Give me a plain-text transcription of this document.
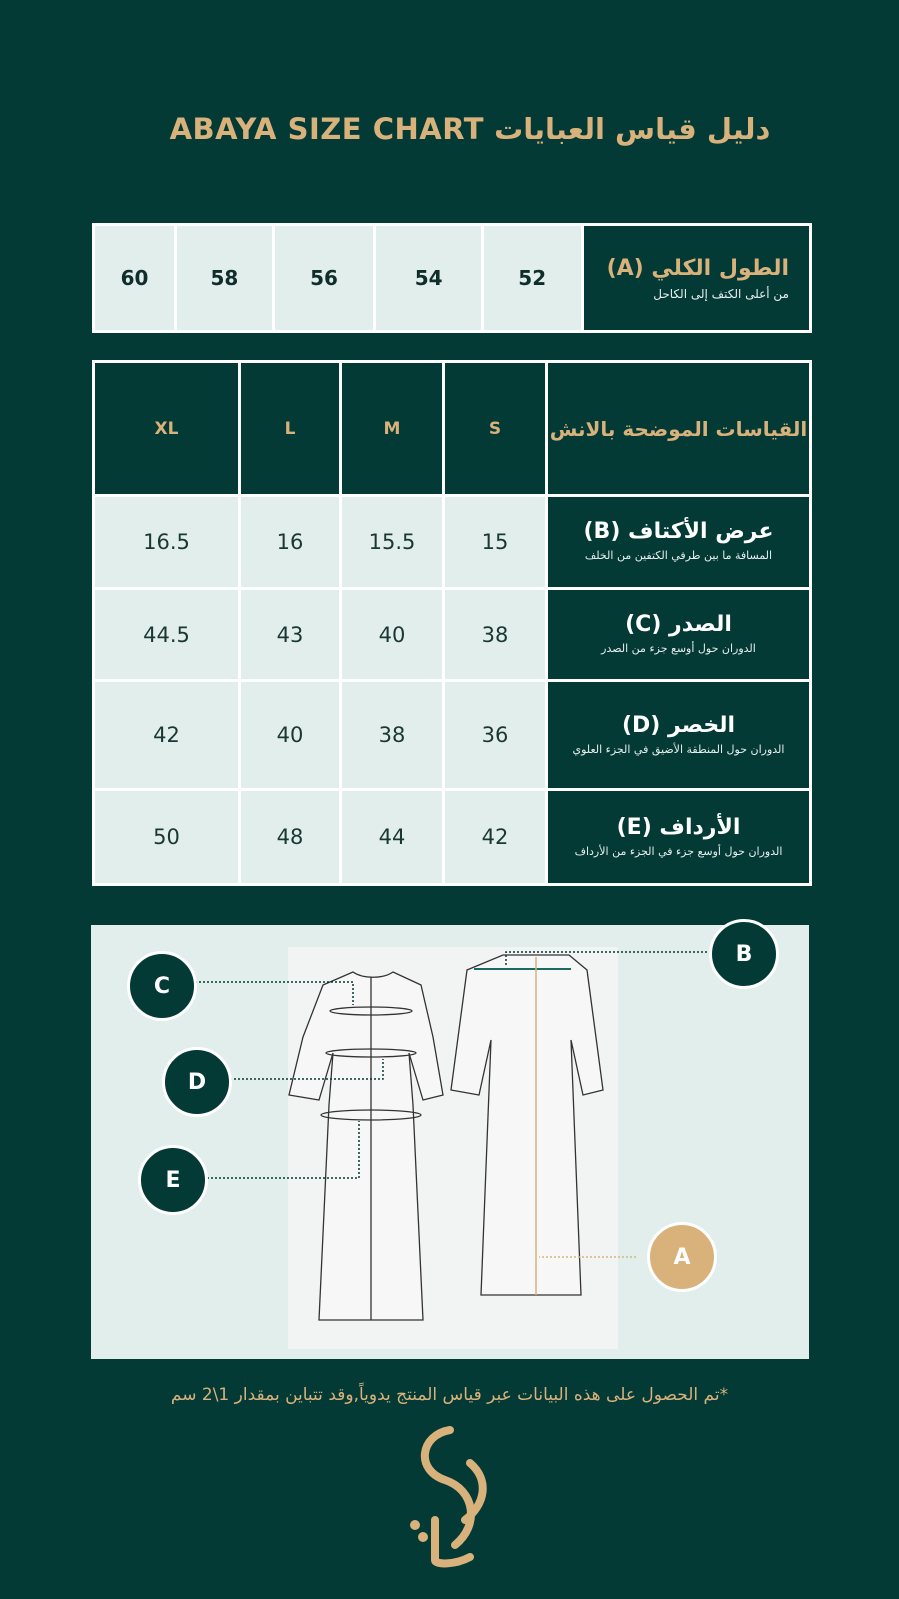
دليل قياس العبايات ABAYA SIZE CHART
60	58	56	54	52	الطول الكلي (A)
من أعلى الكتف إلى الكاحل
XL	L	M	S	القياسات الموضحة بالانش
16.5	16	15.5	15	عرض الأكتاف (B)
المسافة ما بين طرفي الكتفين من الخلف

44.5	43	40	38	الصدر (C)
الدوران حول أوسع جزء من الصدر

42	40	38	36	الخصر (D)
الدوران حول المنطقة الأضيق في الجزء العلوي

50	48	44	42	الأرداف (E)
الدوران حول أوسع جزء في الجزء من الأرداف
C
D
E
B
A
*تم الحصول على هذه البيانات عبر قياس المنتج يدوياً,وقد تتباين بمقدار 1\2 سم
